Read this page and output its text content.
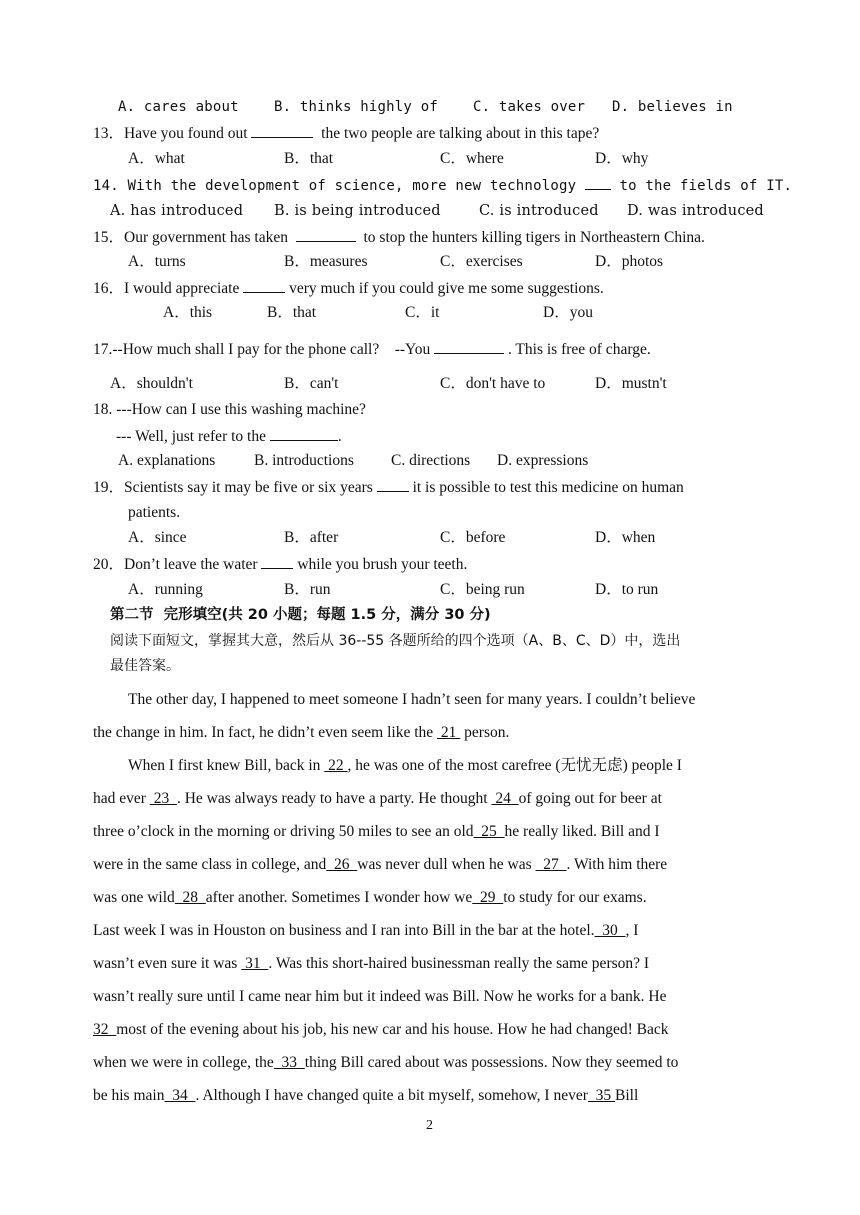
A. cares about	B. thinks highly of	C. takes over D. believes in
13．Have you found out	the two people are talking about in this tape?
A．what	B．that	C．where	D．why
14. With the development of science, more new technology	to the fields of IT.
A. has introduced B. is being introduced	C. is introduced D. was introduced
15．Our government has taken	to stop the hunters killing tigers in Northeastern China.
A．turns	B．measures	C．exercises	D．photos
16．I would appreciate	very much if you could give me some suggestions.
A．this	B．that	C．it	D．you
17.--How much shall I pay for the phone call?    --You	. This is free of charge.
A．shouldn't	B．can't	C．don't have to	D．mustn't
18. ---How can I use this washing machine?
--- Well, just refer to the	.
A. explanations B. introductions C. directions D. expressions
19．Scientists say it may be five or six years	it is possible to test this medicine on human
patients.
A．since	B．after	C．before	D．when
20．Don’t leave the water	while you brush your teeth.
A．running	B．run	C．being run	D．to run
第二节  完形填空(共 20 小题；每题 1.5 分，满分 30 分)
阅读下面短文，掌握其大意，然后从 36--55 各题所给的四个选项（A、B、C、D）中，选出
最佳答案。
The other day, I happened to meet someone I hadn’t seen for many years. I couldn’t believe
the change in him. In fact, he didn’t even seem like the  21  person.
When I first knew Bill, back in  22 , he was one of the most carefree (无忧无虑) people I
had ever  23  . He was always ready to have a party. He thought  24  of going out for beer at
three o’clock in the morning or driving 50 miles to see an old  25  he really liked. Bill and I
were in the same class in college, and  26  was never dull when he was   27  . With him there
was one wild  28  after another. Sometimes I wonder how we  29  to study for our exams.
Last week I was in Houston on business and I ran into Bill in the bar at the hotel.  30  , I
wasn’t even sure it was  31  . Was this short-haired businessman really the same person? I
wasn’t really sure until I came near him but it indeed was Bill. Now he works for a bank. He
32  most of the evening about his job, his new car and his house. How he had changed! Back
when we were in college, the  33  thing Bill cared about was possessions. Now they seemed to
be his main  34  . Although I have changed quite a bit myself, somehow, I never  35 Bill
2
